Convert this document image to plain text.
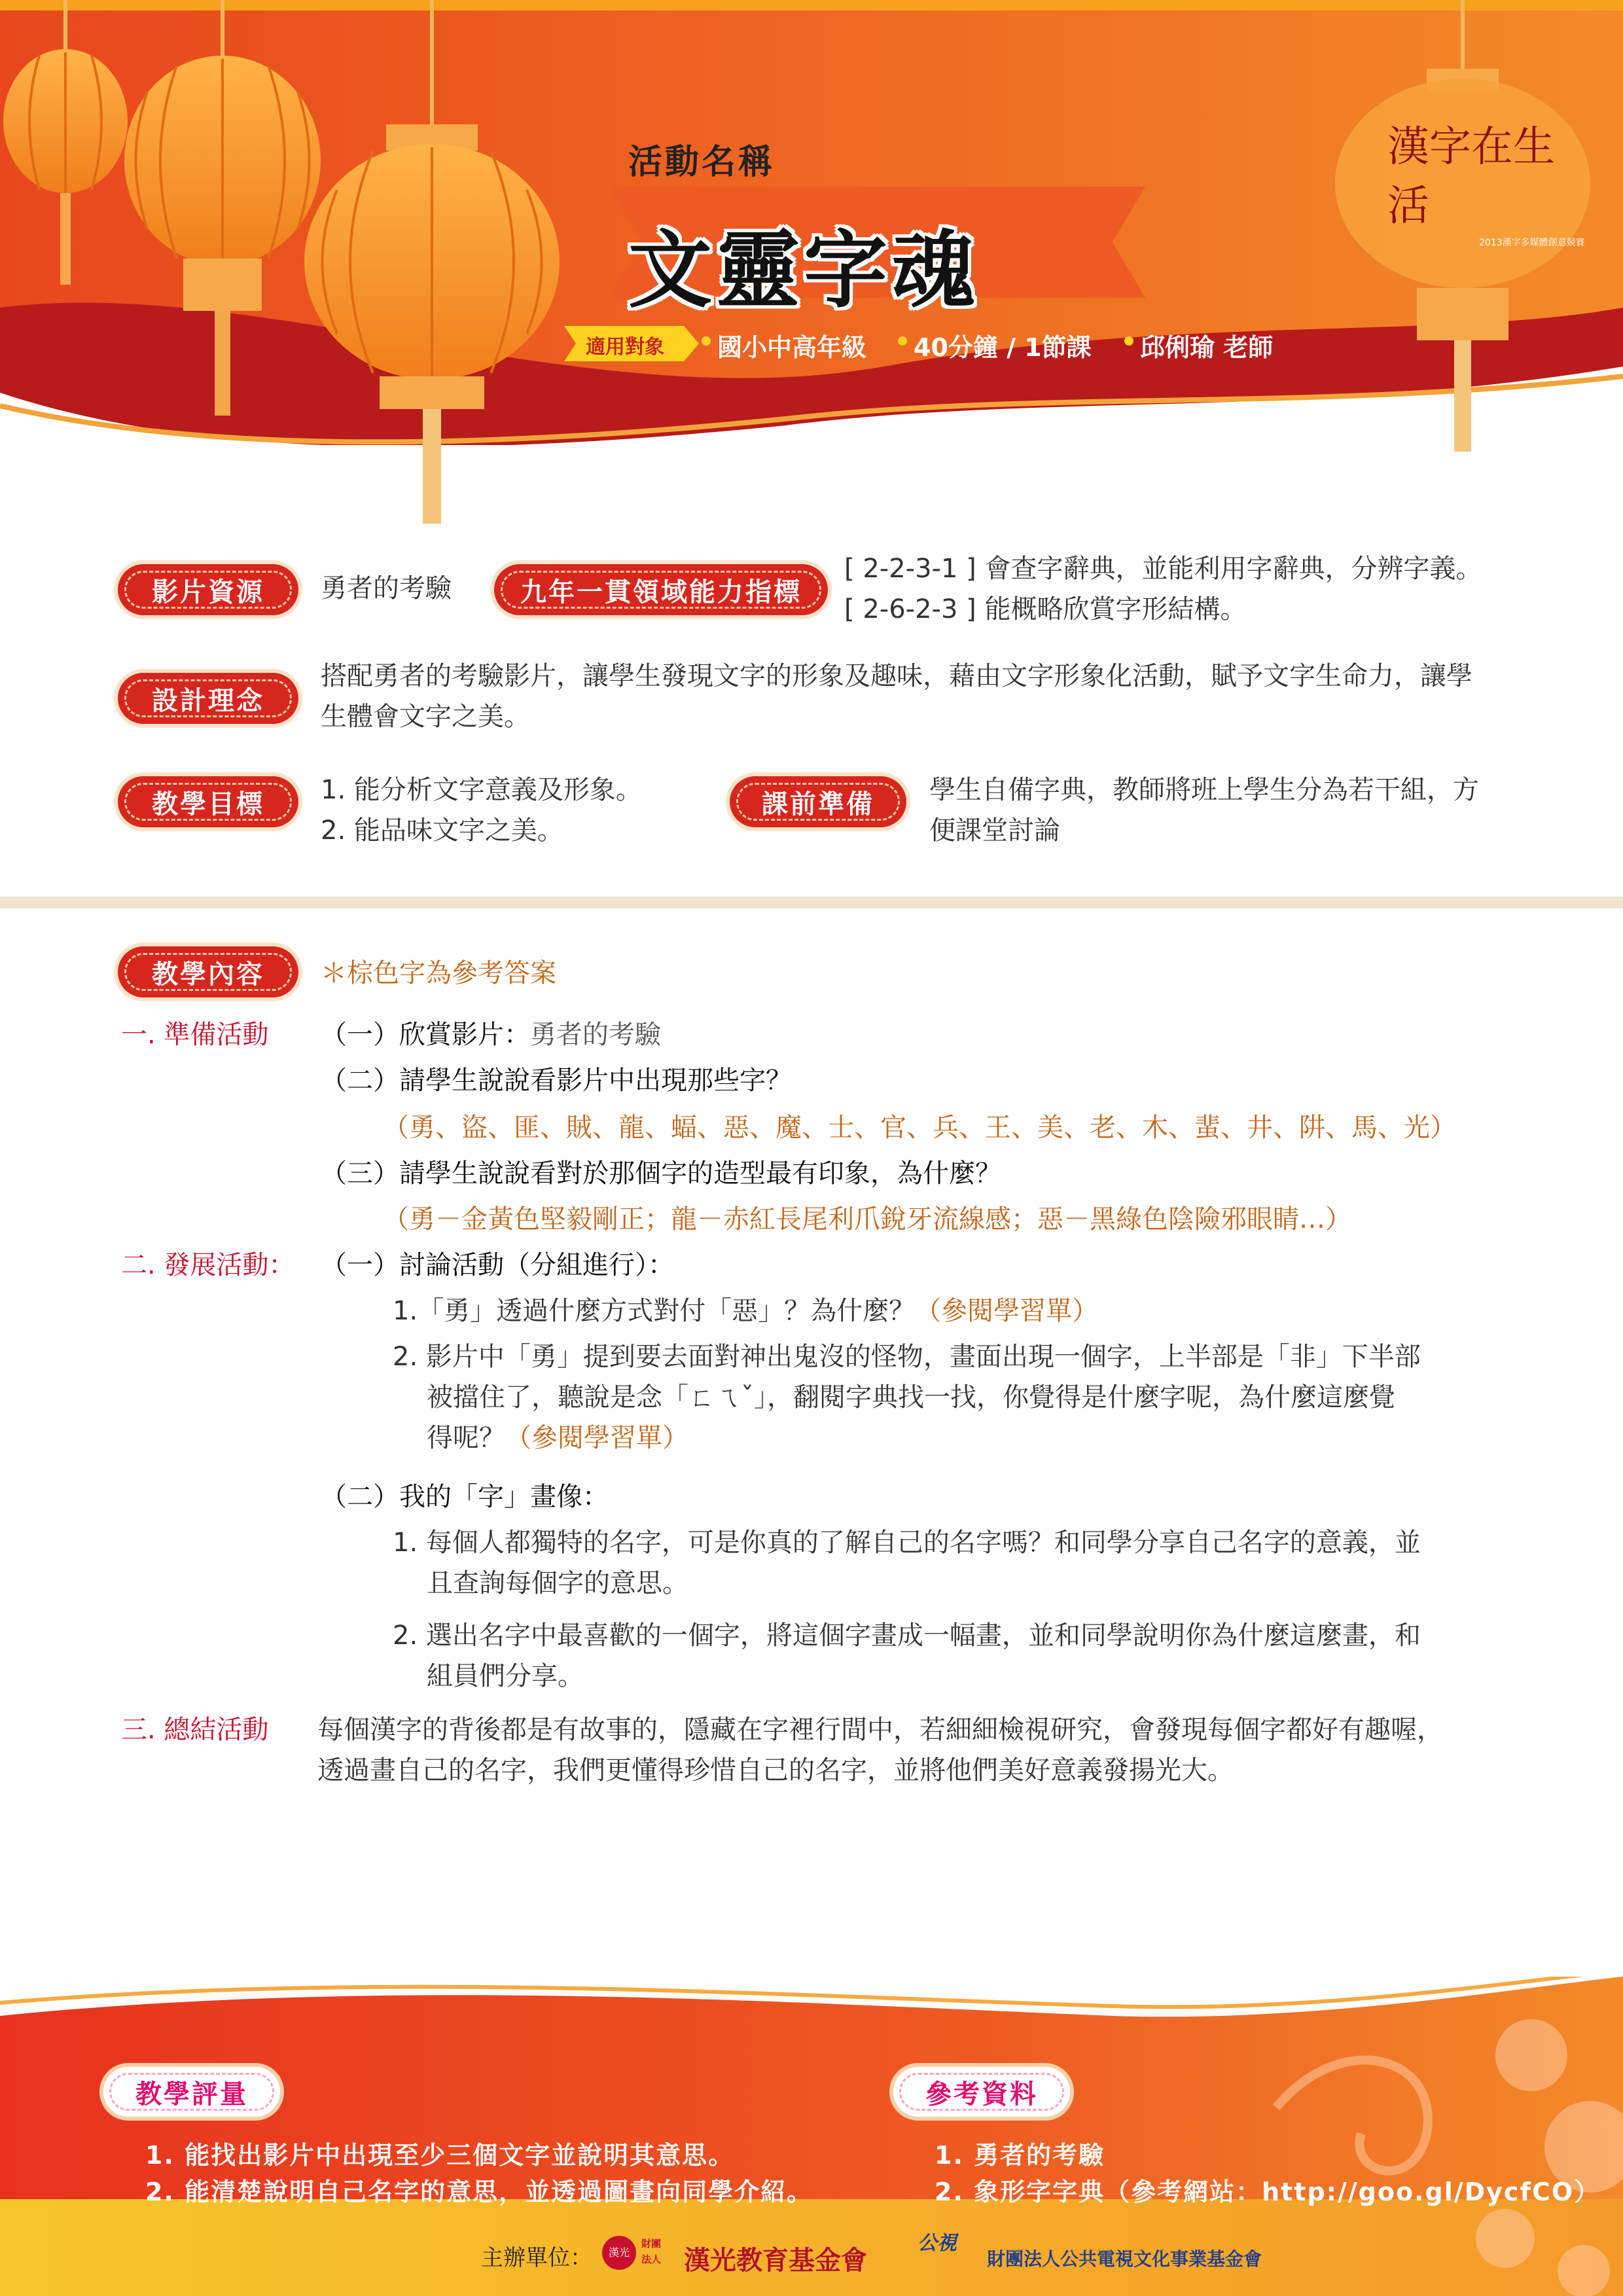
活動名稱
文靈字魂
適用對象 國小中高年級 40分鐘 / 1節課 邱俐瑜 老師
漢字在生活
2013漢字多媒體創意競賽
影片資源 勇者的考驗	九年一貫領域能力指標
[ 2-2-3-1 ] 會查字辭典，並能利用字辭典，分辨字義。
[ 2-6-2-3 ] 能概略欣賞字形結構。
設計理念
搭配勇者的考驗影片，讓學生發現文字的形象及趣味，藉由文字形象化活動，賦予文字生命力，讓學
生體會文字之美。
教學目標 1. 能分析文字意義及形象。
2. 能品味文字之美。
課前準備 學生自備字典，教師將班上學生分為若干組，方
便課堂討論
教學內容 ＊棕色字為參考答案
一. 準備活動 （一）欣賞影片：勇者的考驗
（二）請學生說說看影片中出現那些字？
（勇、盜、匪、賊、龍、蝠、惡、魔、士、官、兵、王、美、老、木、蜚、井、阱、馬、光）
（三）請學生說說看對於那個字的造型最有印象，為什麼？
（勇－金黃色堅毅剛正；龍－赤紅長尾利爪銳牙流線感；惡－黑綠色陰險邪眼睛…）
二. 發展活動： （一）討論活動（分組進行）：
1.「勇」透過什麼方式對付「惡」？為什麼？（參閱學習單）
2. 影片中「勇」提到要去面對神出鬼沒的怪物，畫面出現一個字，上半部是「非」下半部
被擋住了，聽說是念「ㄈㄟˇ」，翻閱字典找一找，你覺得是什麼字呢，為什麼這麼覺
得呢？（參閱學習單）
（二）我的「字」畫像：
1. 每個人都獨特的名字，可是你真的了解自己的名字嗎？和同學分享自己名字的意義，並
且查詢每個字的意思。
2. 選出名字中最喜歡的一個字，將這個字畫成一幅畫，並和同學說明你為什麼這麼畫，和
組員們分享。
三. 總結活動 每個漢字的背後都是有故事的，隱藏在字裡行間中，若細細檢視研究，會發現每個字都好有趣喔，
透過畫自己的名字，我們更懂得珍惜自己的名字，並將他們美好意義發揚光大。
教學評量
1. 能找出影片中出現至少三個文字並說明其意思。
2. 能清楚說明自己名字的意思，並透過圖畫向同學介紹。
參考資料
1. 勇者的考驗
2. 象形字字典（參考網站：http://goo.gl/DycfCO）
主辦單位：	漢光
財團法人 漢光教育基金會
公視
財團法人公共電視文化事業基金會
